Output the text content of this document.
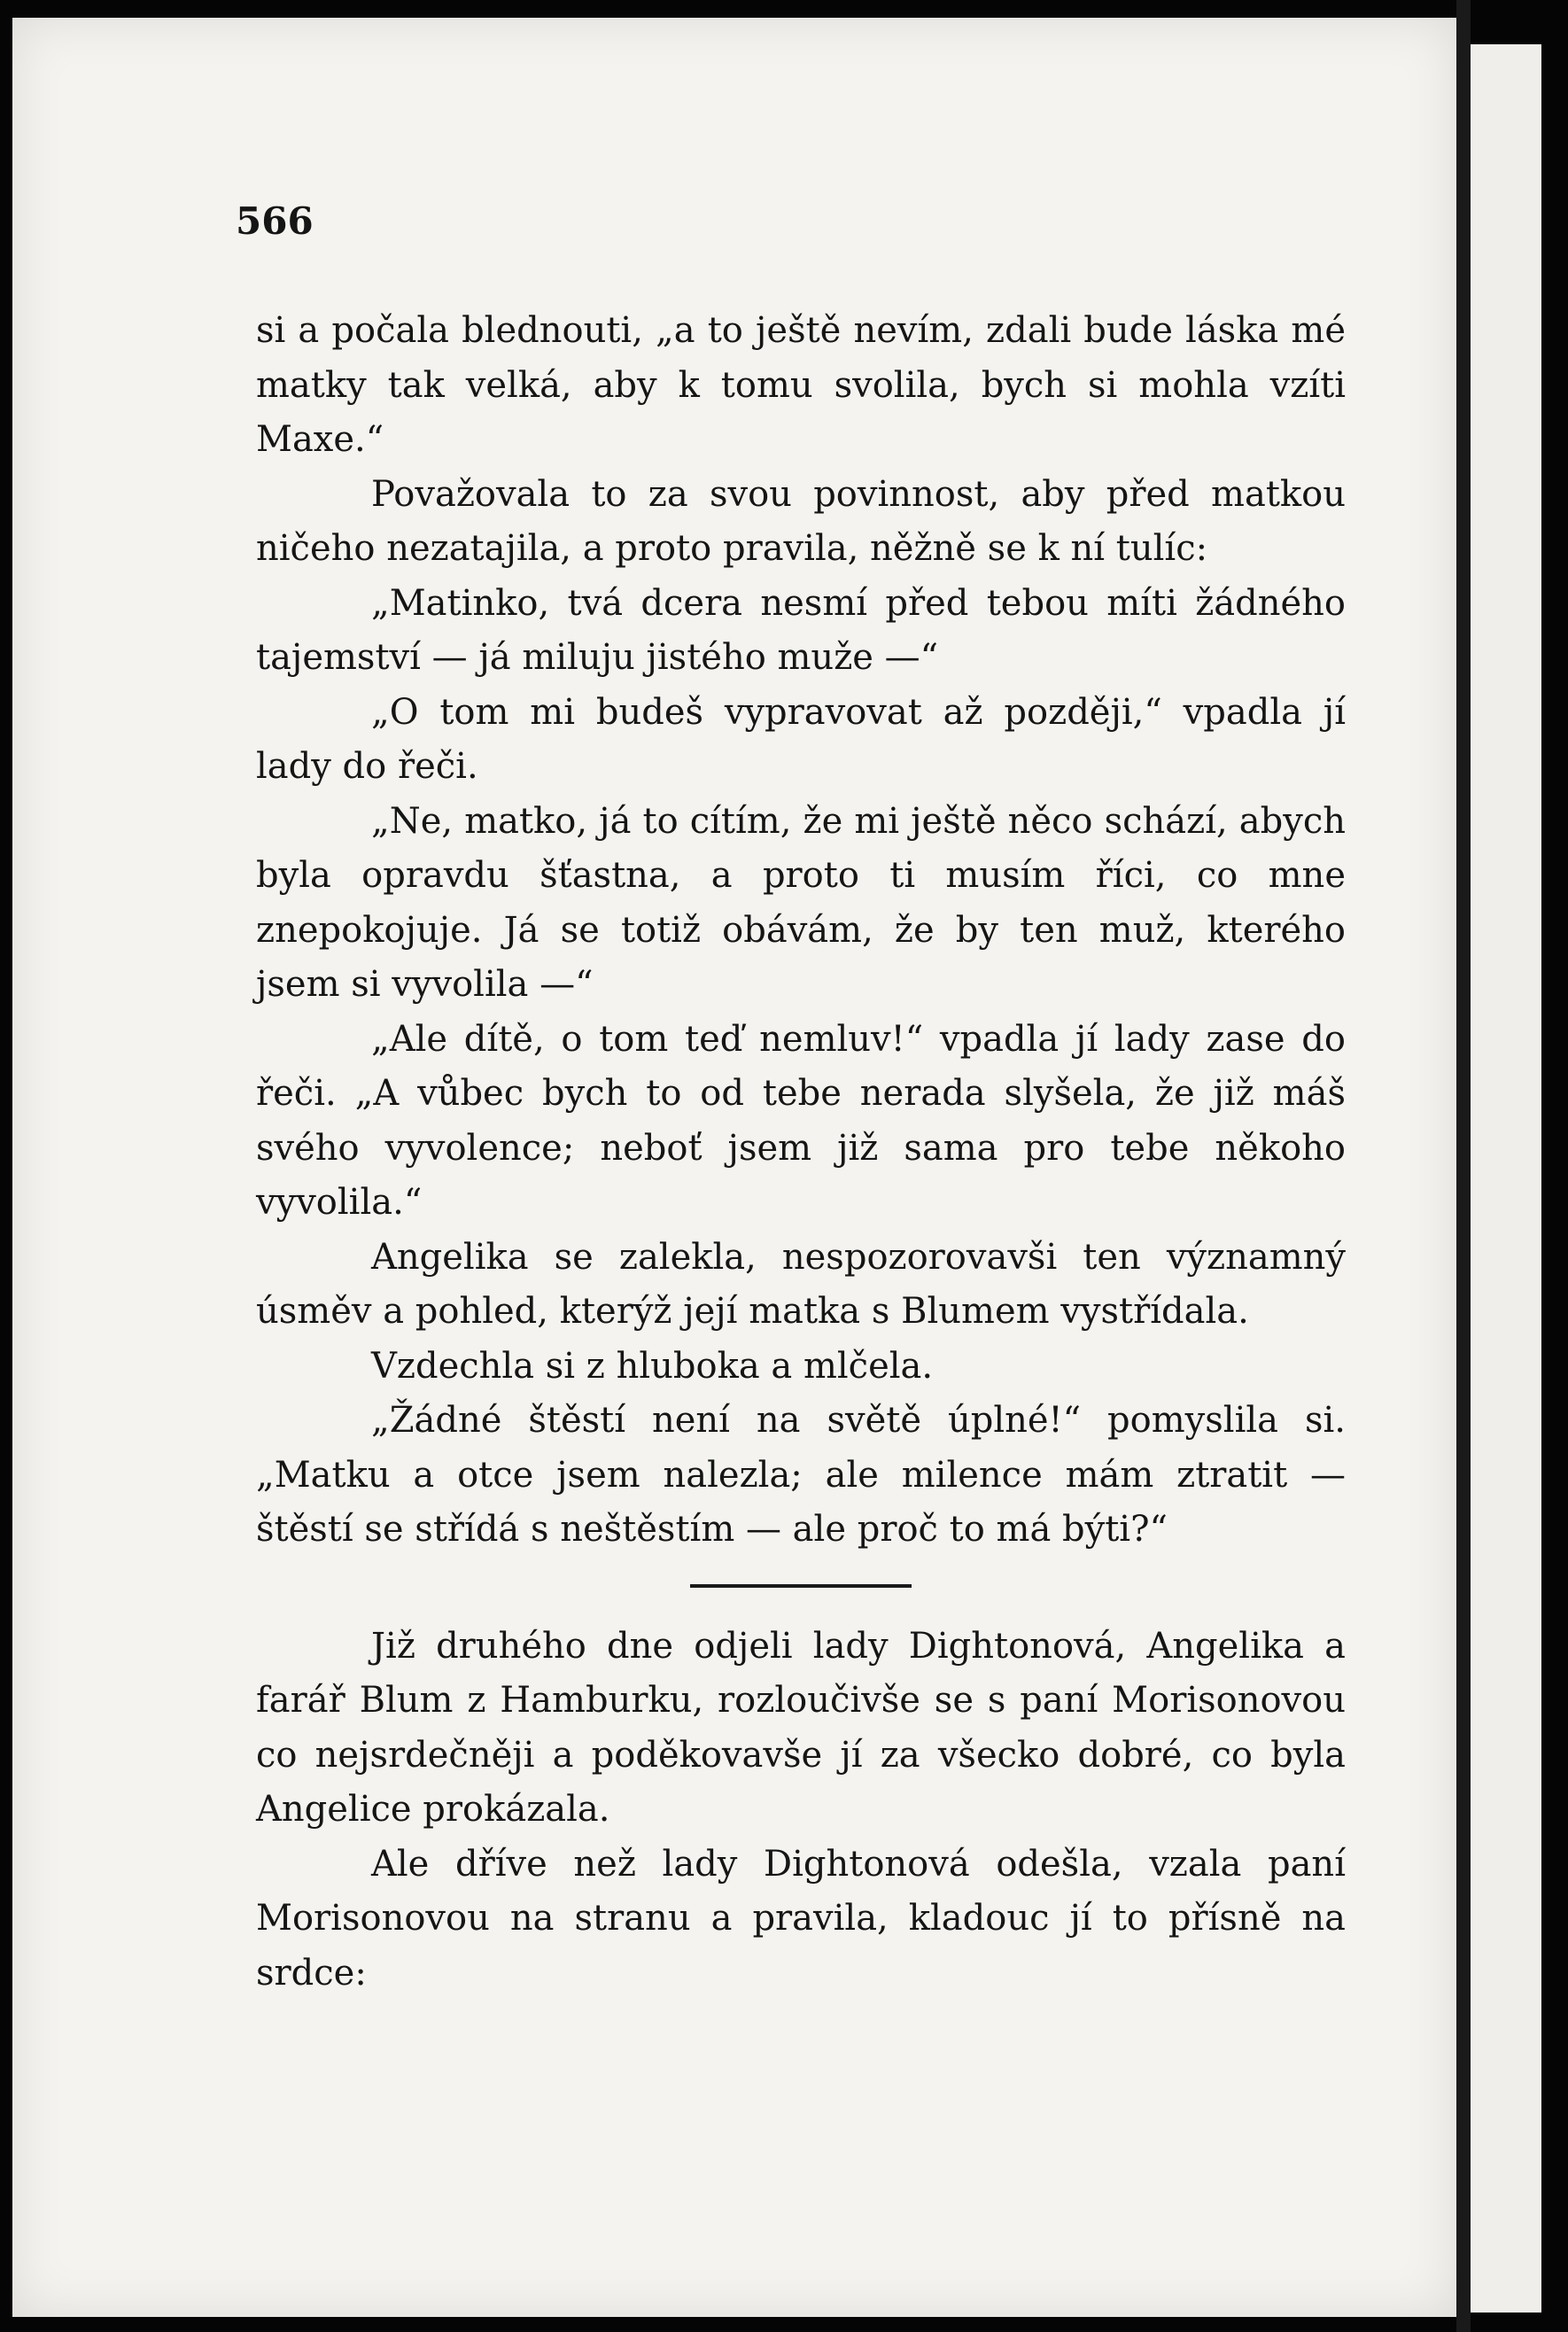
566

si a počala blednouti, „a to ještě nevím, zdali bude láska mé matky tak velká, aby k tomu svolila, bych si mohla vzíti Maxe.“

Považovala to za svou povinnost, aby před matkou ničeho nezatajila, a proto pravila, něžně se k ní tulíc:

„Matinko, tvá dcera nesmí před tebou míti žádného tajemství — já miluju jistého muže —“

„O tom mi budeš vypravovat až později,“ vpadla jí lady do řeči.

„Ne, matko, já to cítím, že mi ještě něco schází, abych byla opravdu šťastna, a proto ti musím říci, co mne znepokojuje. Já se totiž obávám, že by ten muž, kterého jsem si vyvolila —“

„Ale dítě, o tom teď nemluv!“ vpadla jí lady zase do řeči. „A vůbec bych to od tebe nerada slyšela, že již máš svého vyvolence; neboť jsem již sama pro tebe někoho vyvolila.“

Angelika se zalekla, nespozorovavši ten významný úsměv a pohled, kterýž její matka s Blumem vystřídala.

Vzdechla si z hluboka a mlčela.

„Žádné štěstí není na světě úplné!“ pomyslila si. „Matku a otce jsem nalezla; ale milence mám ztratit — štěstí se střídá s neštěstím — ale proč to má býti?“

Již druhého dne odjeli lady Dightonová, Angelika a farář Blum z Hamburku, rozloučivše se s paní Morisonovou co nejsrdečněji a poděkovavše jí za všecko dobré, co byla Angelice prokázala.

Ale dříve než lady Dightonová odešla, vzala paní Morisonovou na stranu a pravila, kladouc jí to přísně na srdce:
